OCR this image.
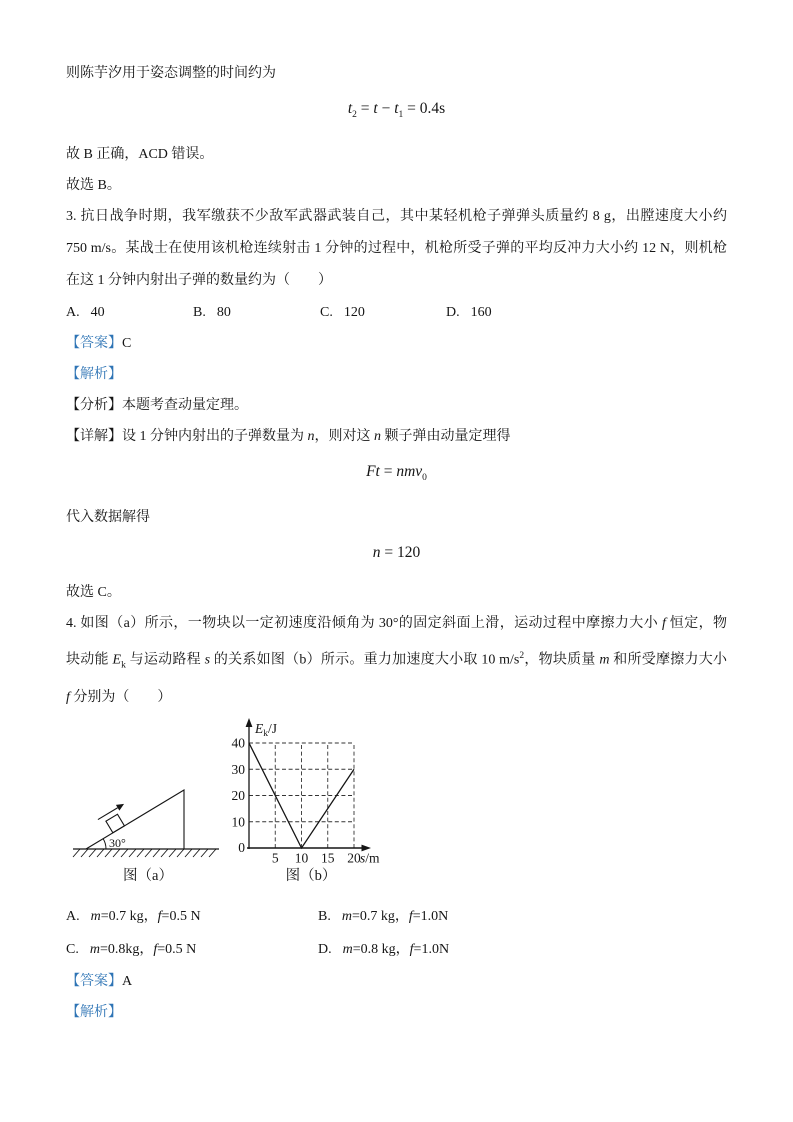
则陈芋汐用于姿态调整的时间约为
$t_2 = t - t_1 = 0.4s$
故 B 正确，ACD 错误。
故选 B。
3. 抗日战争时期，我军缴获不少敌军武器武装自己，其中某轻机枪子弹弹头质量约 8 g，出膛速度大小约
750 m/s。某战士在使用该机枪连续射击 1 分钟的过程中，机枪所受子弹的平均反冲力大小约 12 N，则机枪
在这 1 分钟内射出子弹的数量约为（　　）
A. 40	B. 80	C. 120	D. 160
【答案】C
【解析】
【分析】本题考查动量定理。
【详解】设 1 分钟内射出的子弹数量为 n，则对这 n 颗子弹由动量定理得
Ft = nmv$_0$
代入数据解得
n = 120
故选 C。
4. 如图（a）所示，一物块以一定初速度沿倾角为 30°的固定斜面上滑，运动过程中摩擦力大小 f 恒定，物
块动能 $E_k$ 与运动路程 s 的关系如图（b）所示。重力加速度大小取 10 $m/s^2$，物块质量 m 和所受摩擦力大小
f 分别为（　　）
30°
图（a）
40
30
20
10
0
5 10 15 20 s/m
$E_k/J$
图（b）
A. m=0.7 kg，f=0.5 N	B. m=0.7 kg，f=1.0N
C. m=0.8kg，f=0.5 N	D. m=0.8 kg，f=1.0N
【答案】A
【解析】
